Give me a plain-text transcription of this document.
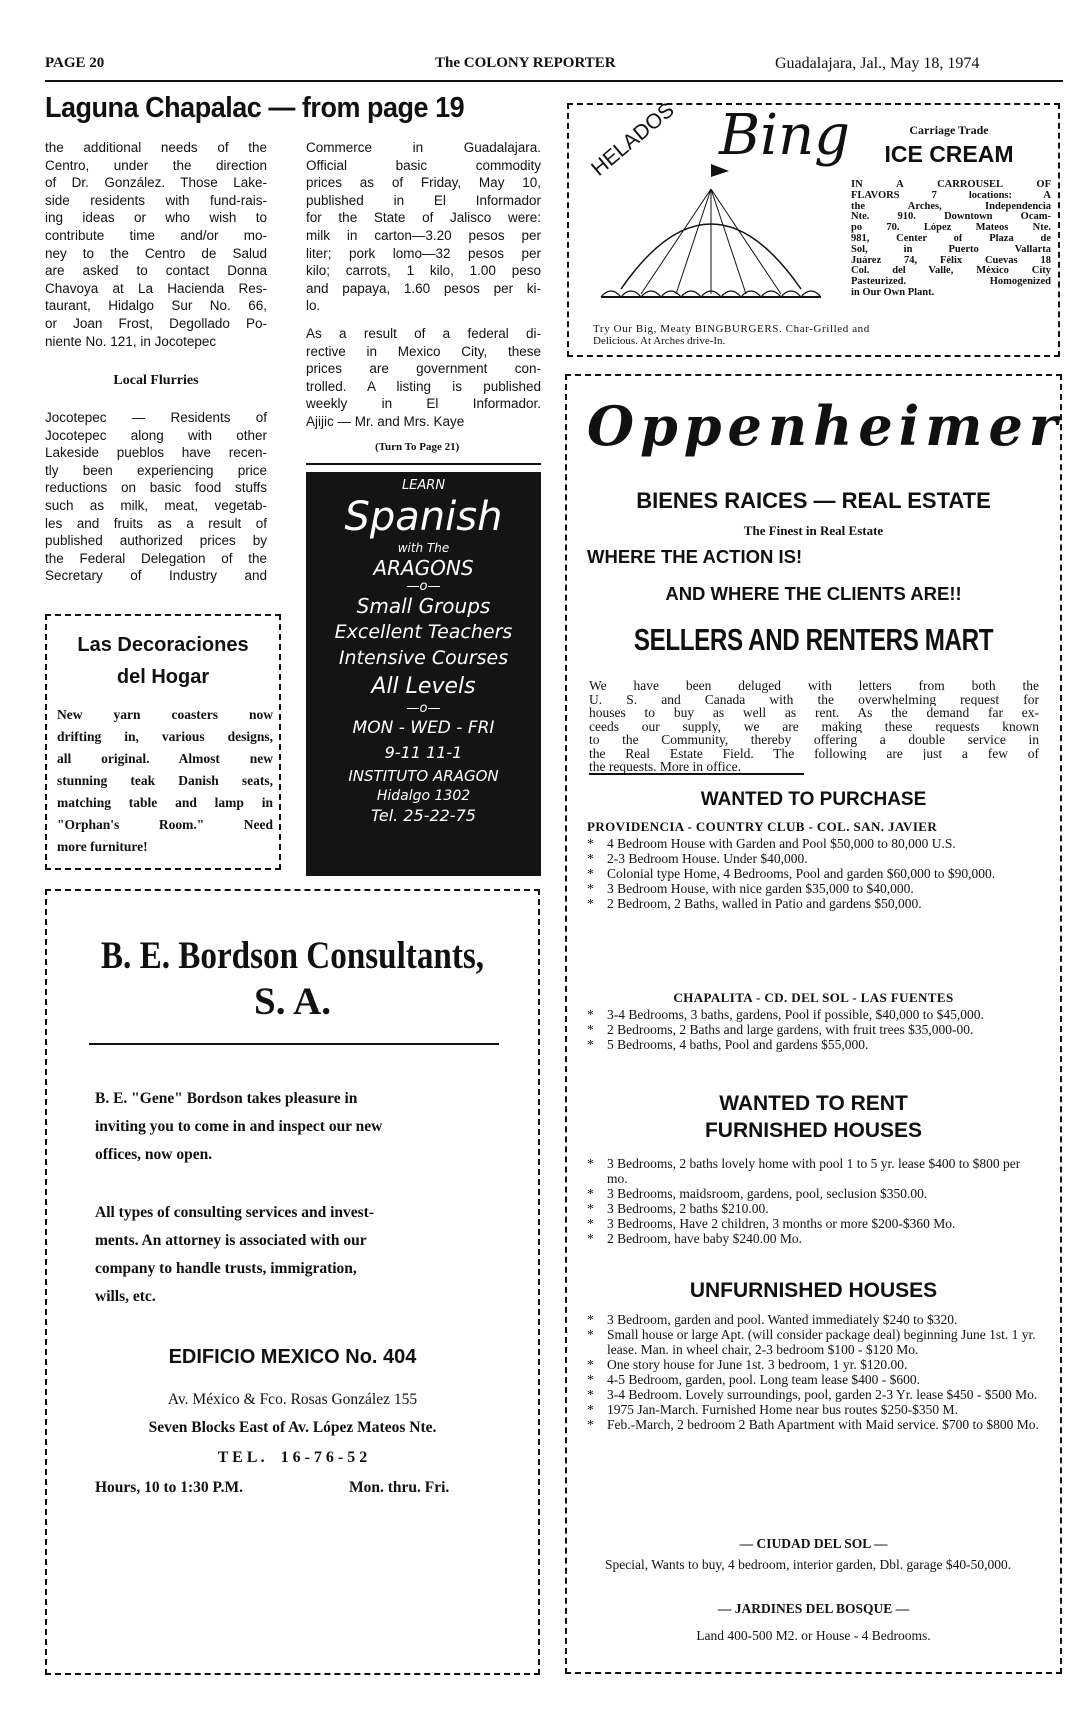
PAGE 20	The COLONY REPORTER	Guadalajara, Jal., May 18, 1974
Laguna Chapalac — from page 19
the additional needs of the
Centro, under the direction
of Dr. González. Those Lake-
side residents with fund-rais-
ing ideas or who wish to
contribute time and/or mo-
ney to the Centro de Salud
are asked to contact Donna
Chavoya at La Hacienda Res-
taurant, Hidalgo Sur No. 66,
or Joan Frost, Degollado Po-
niente No. 121, in Jocotepec
Local Flurries
Jocotepec — Residents of
Jocotepec along with other
Lakeside pueblos have recen-
tly been experiencing price
reductions on basic food stuffs
such as milk, meat, vegetab-
les and fruits as a result of
published authorized prices by
the Federal Delegation of the
Secretary of Industry and
Commerce in Guadalajara.
Official basic commodity
prices as of Friday, May 10,
published in El Informador
for the State of Jalisco were:
milk in carton—3.20 pesos per
liter; pork lomo—32 pesos per
kilo; carrots, 1 kilo, 1.00 peso
and papaya, 1.60 pesos per ki-
lo.
As a result of a federal di-
rective in Mexico City, these
prices are government con-
trolled. A listing is published
weekly in El Informador.
Ajijic — Mr. and Mrs. Kaye
(Turn To Page 21)
Las Decoraciones
del Hogar
New yarn coasters now
drifting in, various designs,
all original. Almost new
stunning teak Danish seats,
matching table and lamp in
"Orphan's Room." Need
more furniture!
LEARN
Spanish
with The
ARAGONS
—o—
Small Groups
Excellent Teachers
Intensive Courses
All Levels
—o—
MON - WED - FRI
9-11 11-1
INSTITUTO ARAGON
Hidalgo 1302
Tel. 25-22-75
HELADOS Bing	Carriage Trade
ICE CREAM
IN A CARROUSEL OF
FLAVORS 7 locations: A
the Arches, Independencia
Nte. 910. Downtown Ocam-
po 70. López Mateos Nte.
981, Center of Plaza de
Sol, in Puerto Vallarta
Juárez 74, Félix Cuevas 18
Col. del Valle, México City
Pasteurized. Homogenized
in Our Own Plant.
Try Our Big, Meaty BINGBURGERS. Char-Grilled and
Delicious. At Arches drive-In.
B. E. Bordson Consultants,
S. A.
B. E. "Gene" Bordson takes pleasure in
inviting you to come in and inspect our new
offices, now open.
All types of consulting services and invest-
ments. An attorney is associated with our
company to handle trusts, immigration,
wills, etc.
EDIFICIO MEXICO No. 404
Av. México & Fco. Rosas González 155
Seven Blocks East of Av. López Mateos Nte.
T E L .    1 6 - 7 6 - 5 2
Hours, 10 to 1:30 P.M.	Mon. thru. Fri.
Oppenheimer
BIENES RAICES — REAL ESTATE
The Finest in Real Estate
WHERE THE ACTION IS!
AND WHERE THE CLIENTS ARE!!
SELLERS AND RENTERS MART
We have been deluged with letters from both the
U. S. and Canada with the overwhelming request for
houses to buy as well as rent. As the demand far ex-
ceeds our supply, we are making these requests known
to the Community, thereby offering a double service in
the Real Estate Field. The following are just a few of
the requests. More in office.
WANTED TO PURCHASE
PROVIDENCIA - COUNTRY CLUB - COL. SAN. JAVIER
* 4 Bedroom House with Garden and Pool $50,000 to 80,000 U.S.
* 2-3 Bedroom House. Under $40,000.
* Colonial type Home, 4 Bedrooms, Pool and garden $60,000 to $90,000.
* 3 Bedroom House, with nice garden $35,000 to $40,000.
* 2 Bedroom, 2 Baths, walled in Patio and gardens $50,000.
CHAPALITA - CD. DEL SOL - LAS FUENTES
* 3-4 Bedrooms, 3 baths, gardens, Pool if possible, $40,000 to $45,000.
* 2 Bedrooms, 2 Baths and large gardens, with fruit trees $35,000-00.
* 5 Bedrooms, 4 baths, Pool and gardens $55,000.
WANTED TO RENT
FURNISHED HOUSES
* 3 Bedrooms, 2 baths lovely home with pool 1 to 5 yr. lease $400 to $800 per mo.
* 3 Bedrooms, maidsroom, gardens, pool, seclusion $350.00.
* 3 Bedrooms, 2 baths $210.00.
* 3 Bedrooms, Have 2 children, 3 months or more $200-$360 Mo.
* 2 Bedroom, have baby $240.00 Mo.
UNFURNISHED HOUSES
* 3 Bedroom, garden and pool. Wanted immediately $240 to $320.
* Small house or large Apt. (will consider package deal) beginning June 1st. 1 yr. lease. Man. in wheel chair, 2-3 bedroom $100 - $120 Mo.
* One story house for June 1st. 3 bedroom, 1 yr. $120.00.
* 4-5 Bedroom, garden, pool. Long team lease $400 - $600.
* 3-4 Bedroom. Lovely surroundings, pool, garden 2-3 Yr. lease $450 - $500 Mo.
* 1975 Jan-March. Furnished Home near bus routes $250-$350 M.
* Feb.-March, 2 bedroom 2 Bath Apartment with Maid service. $700 to $800 Mo.
— CIUDAD DEL SOL —
Special, Wants to buy, 4 bedroom, interior garden, Dbl. garage $40-50,000.
— JARDINES DEL BOSQUE —
Land 400-500 M2. or House - 4 Bedrooms.
